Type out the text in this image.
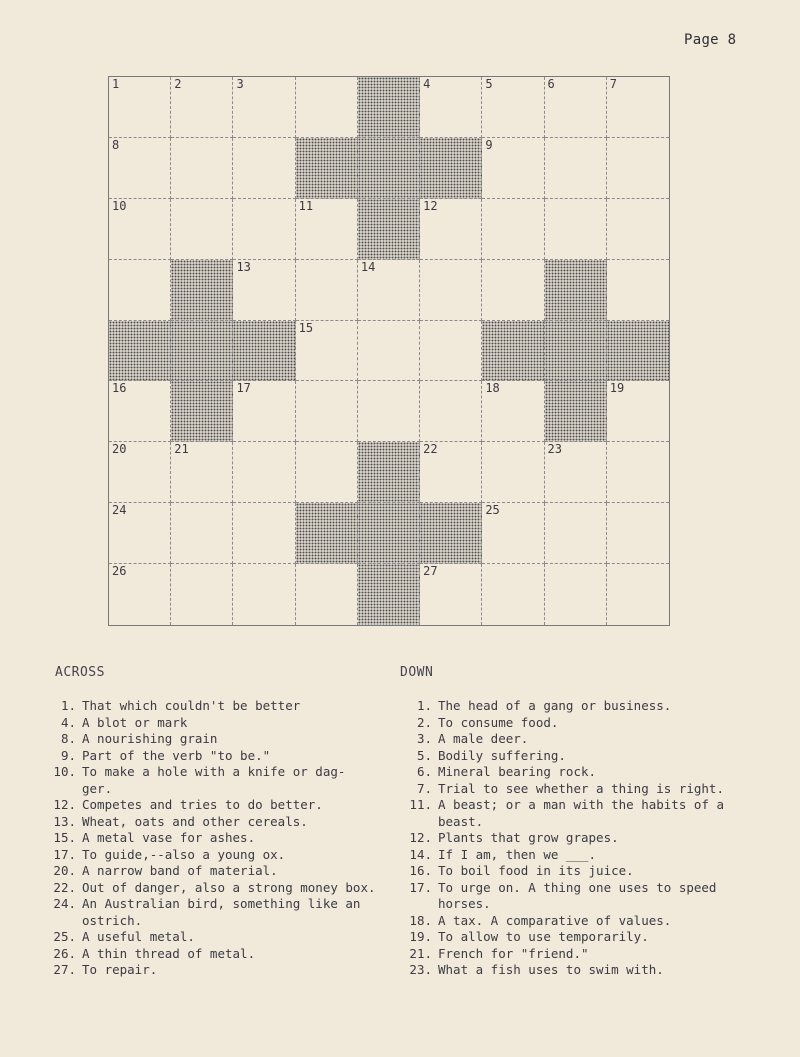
Page 8
1	2	3	4	5	6	7
8	9
10	11	12
13	14
15
16	17	18	19
20	21	22	23
24	25
26	27
ACROSS
1. That which couldn't be better
4. A blot or mark
8. A nourishing grain
9. Part of the verb "to be."
10. To make a hole with a knife or dag- ger.
12. Competes and tries to do better.
13. Wheat, oats and other cereals.
15. A metal vase for ashes.
17. To guide,--also a young ox.
20. A narrow band of material.
22. Out of danger, also a strong money box.
24. An Australian bird, something like an ostrich.
25. A useful metal.
26. A thin thread of metal.
27. To repair.
DOWN
1. The head of a gang or business.
2. To consume food.
3. A male deer.
5. Bodily suffering.
6. Mineral bearing rock.
7. Trial to see whether a thing is right.
11. A beast; or a man with the habits of a beast.
12. Plants that grow grapes.
14. If I am, then we ___.
16. To boil food in its juice.
17. To urge on. A thing one uses to speed horses.
18. A tax. A comparative of values.
19. To allow to use temporarily.
21. French for "friend."
23. What a fish uses to swim with.
